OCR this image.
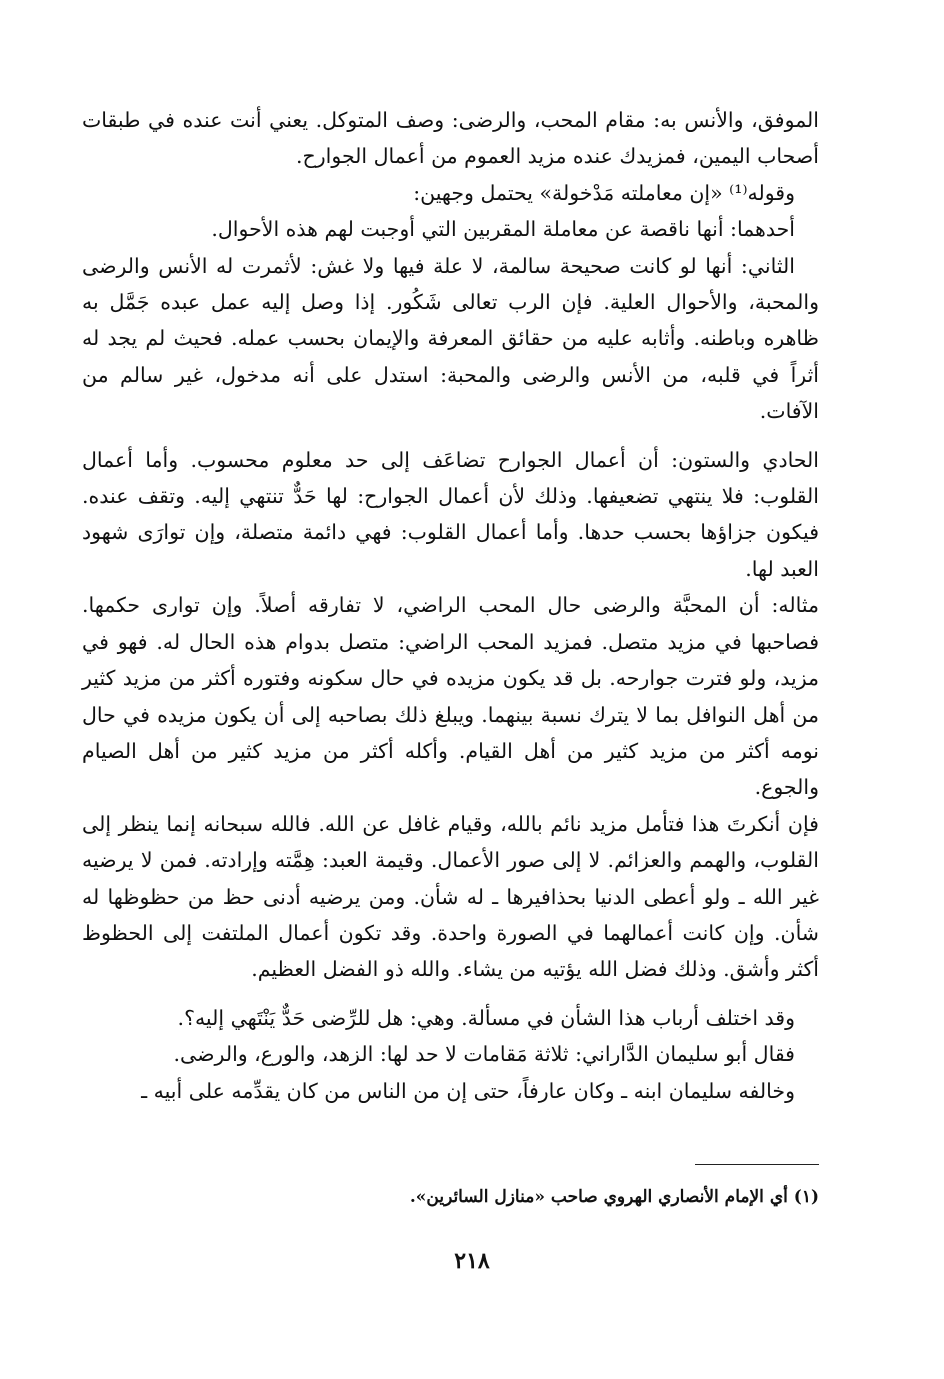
الموفق، والأنس به: مقام المحب، والرضى: وصف المتوكل. يعني أنت عنده في طبقات أصحاب اليمين، فمزيدك عنده مزيد العموم من أعمال الجوارح.

وقوله⁽¹⁾ «إن معاملته مَدْخولة» يحتمل وجهين:

أحدهما: أنها ناقصة عن معاملة المقربين التي أوجبت لهم هذه الأحوال.

الثاني: أنها لو كانت صحيحة سالمة، لا علة فيها ولا غش: لأثمرت له الأنس والرضى والمحبة، والأحوال العلية. فإن الرب تعالى شَكُور. إذا وصل إليه عمل عبده جَمَّل به ظاهره وباطنه. وأثابه عليه من حقائق المعرفة والإيمان بحسب عمله. فحيث لم يجد له أثراً في قلبه، من الأنس والرضى والمحبة: استدل على أنه مدخول، غير سالم من الآفات.

الحادي والستون: أن أعمال الجوارح تضاعَف إلى حد معلوم محسوب. وأما أعمال القلوب: فلا ينتهي تضعيفها. وذلك لأن أعمال الجوارح: لها حَدٌّ تنتهي إليه. وتقف عنده. فيكون جزاؤها بحسب حدها. وأما أعمال القلوب: فهي دائمة متصلة، وإن توارَى شهود العبد لها.

مثاله: أن المحبَّة والرضى حال المحب الراضي، لا تفارقه أصلاً. وإن توارى حكمها. فصاحبها في مزيد متصل. فمزيد المحب الراضي: متصل بدوام هذه الحال له. فهو في مزيد، ولو فترت جوارحه. بل قد يكون مزيده في حال سكونه وفتوره أكثر من مزيد كثير من أهل النوافل بما لا يترك نسبة بينهما. ويبلغ ذلك بصاحبه إلى أن يكون مزيده في حال نومه أكثر من مزيد كثير من أهل القيام. وأكله أكثر من مزيد كثير من أهل الصيام والجوع.

فإن أنكرتَ هذا فتأمل مزيد نائم بالله، وقيام غافل عن الله. فالله سبحانه إنما ينظر إلى القلوب، والهمم والعزائم. لا إلى صور الأعمال. وقيمة العبد: هِمَّته وإرادته. فمن لا يرضيه غير الله ـ ولو أعطى الدنيا بحذافيرها ـ له شأن. ومن يرضيه أدنى حظ من حظوظها له شأن. وإن كانت أعمالهما في الصورة واحدة. وقد تكون أعمال الملتفت إلى الحظوظ أكثر وأشق. وذلك فضل الله يؤتيه من يشاء. والله ذو الفضل العظيم.

وقد اختلف أرباب هذا الشأن في مسألة. وهي: هل للرِّضى حَدٌّ يَنْتَهي إليه؟.

فقال أبو سليمان الدَّاراني: ثلاثة مَقامات لا حد لها: الزهد، والورع، والرضى.

وخالفه سليمان ابنه ـ وكان عارفاً، حتى إن من الناس من كان يقدِّمه على أبيه ـ

(١) أي الإمام الأنصاري الهروي صاحب «منازل السائرين».
٢١٨
